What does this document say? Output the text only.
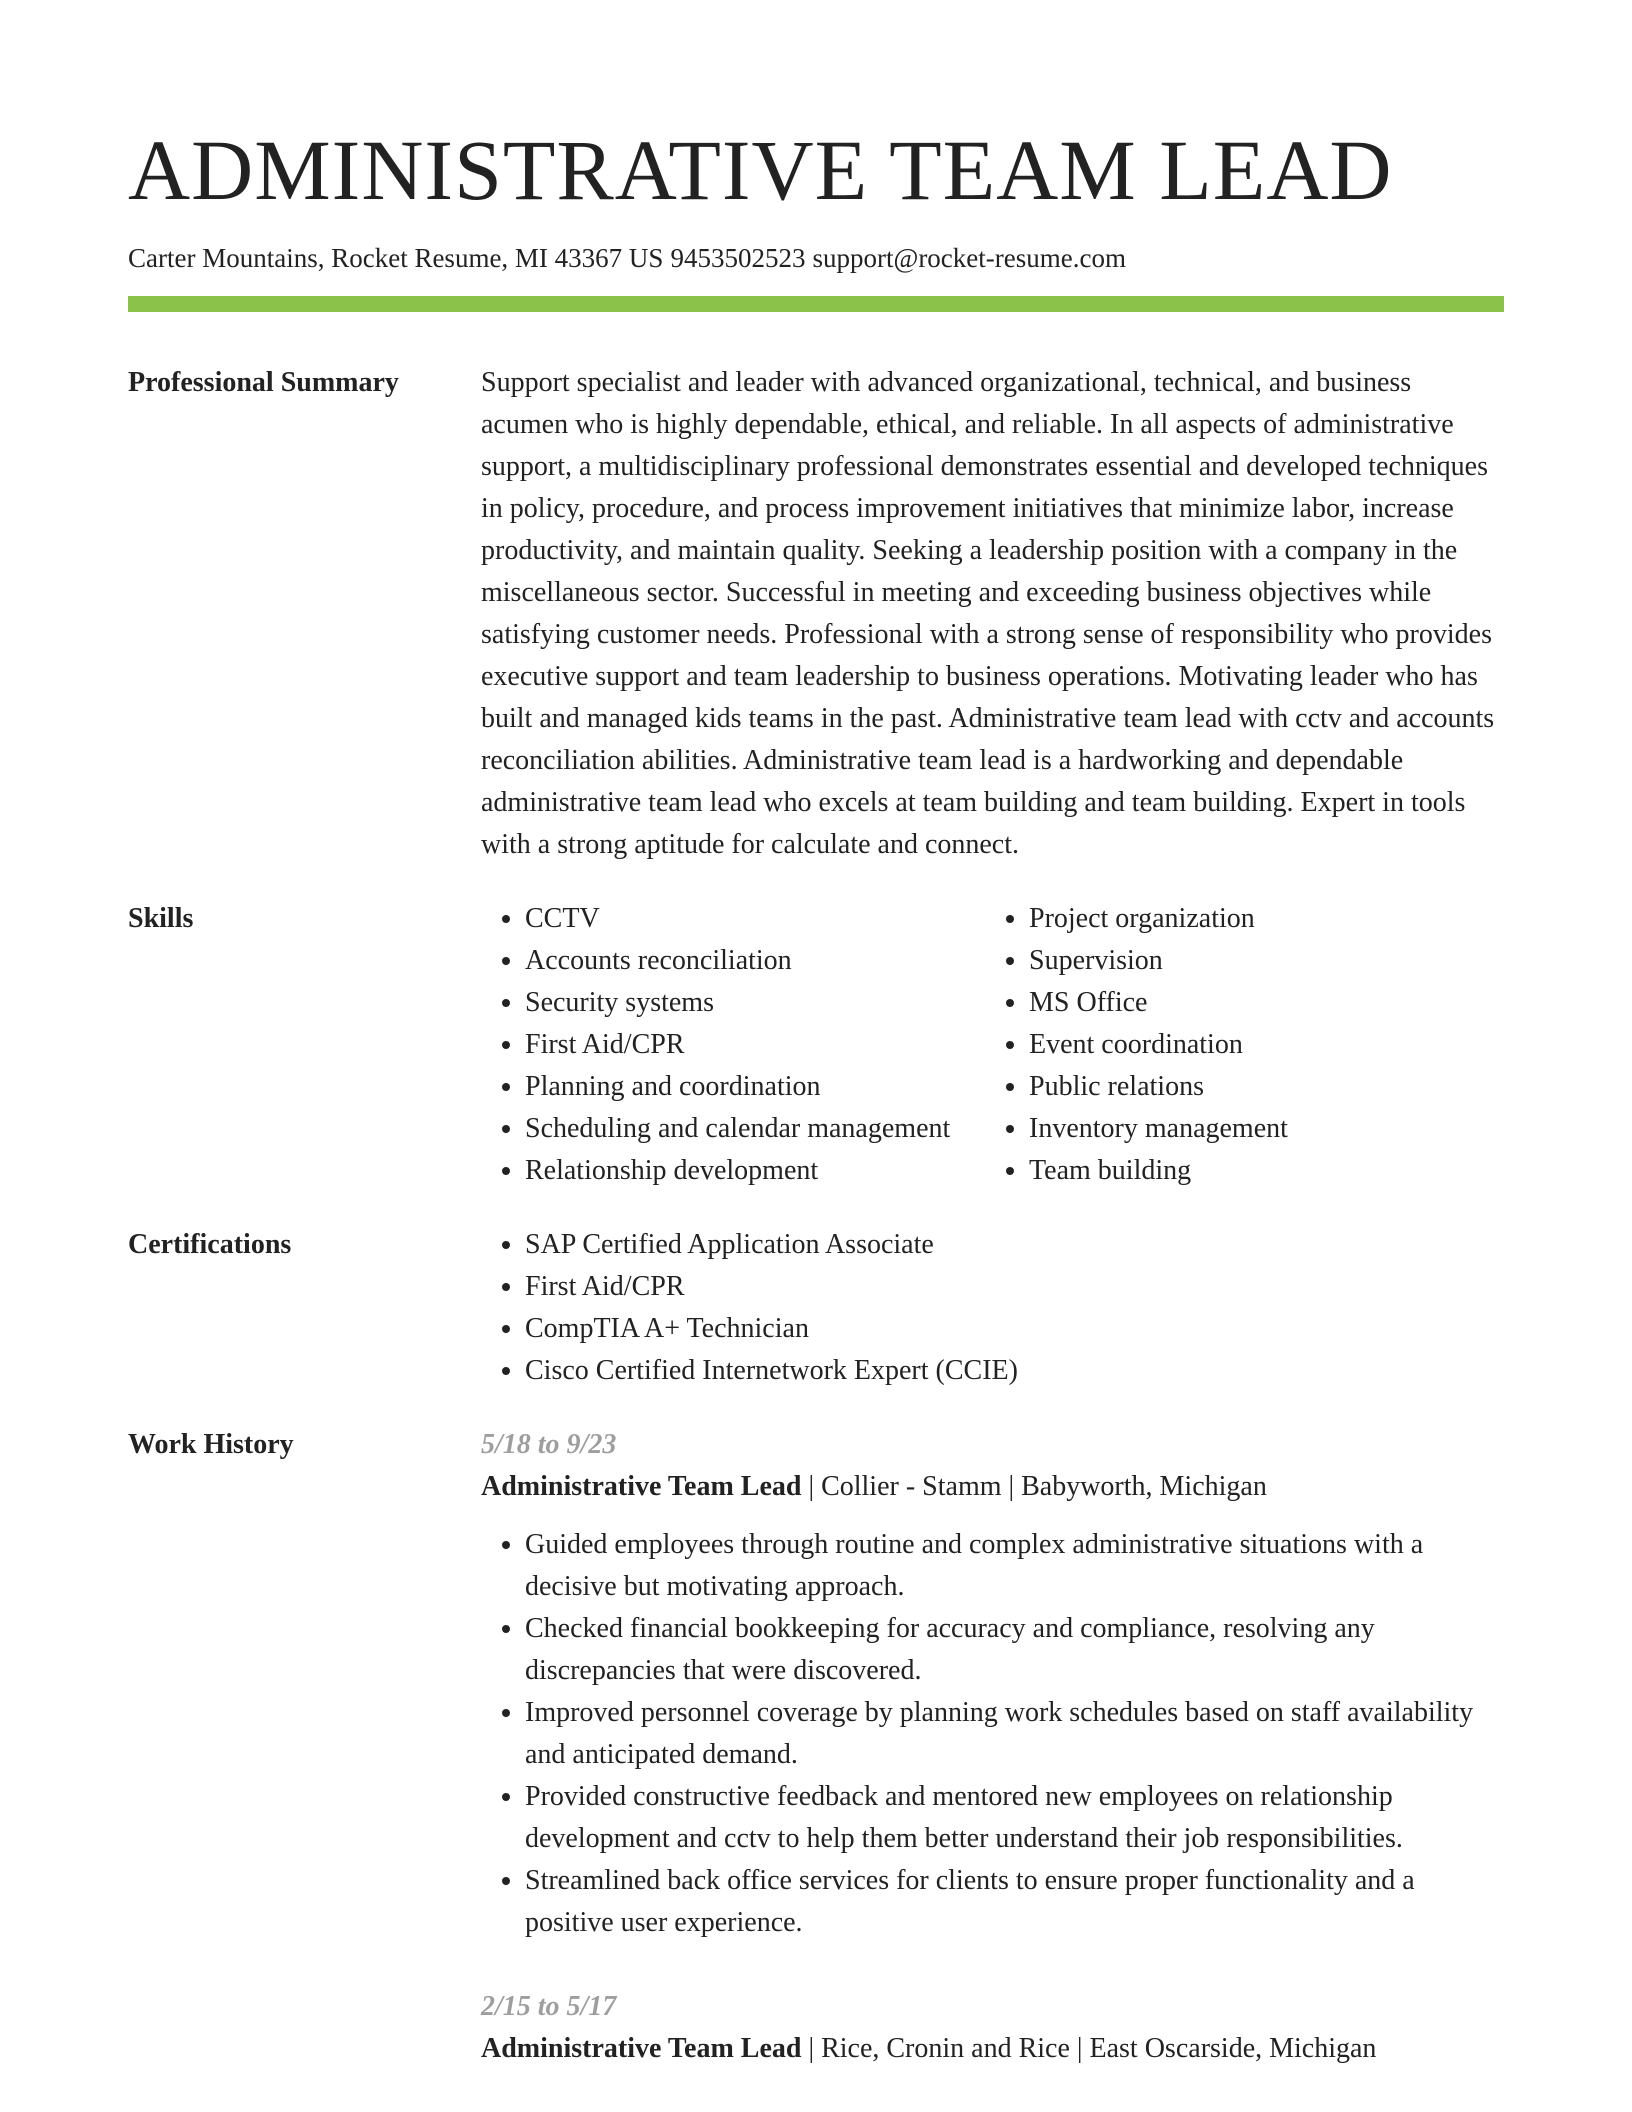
ADMINISTRATIVE TEAM LEAD
Carter Mountains, Rocket Resume, MI 43367 US 9453502523 support@rocket-resume.com
Professional Summary	Support specialist and leader with advanced organizational, technical, and business acumen who is highly dependable, ethical, and reliable. In all aspects of administrative support, a multidisciplinary professional demonstrates essential and developed techniques in policy, procedure, and process improvement initiatives that minimize labor, increase productivity, and maintain quality. Seeking a leadership position with a company in the miscellaneous sector. Successful in meeting and exceeding business objectives while satisfying customer needs. Professional with a strong sense of responsibility who provides executive support and team leadership to business operations. Motivating leader who has built and managed kids teams in the past. Administrative team lead with cctv and accounts reconciliation abilities. Administrative team lead is a hardworking and dependable administrative team lead who excels at team building and team building. Expert in tools with a strong aptitude for calculate and connect.

Skills	• CCTV
• Accounts reconciliation
• Security systems
• First Aid/CPR
• Planning and coordination
• Scheduling and calendar management
• Relationship development
• Project organization
• Supervision
• MS Office
• Event coordination
• Public relations
• Inventory management
• Team building
Certifications	• SAP Certified Application Associate
• First Aid/CPR
• CompTIA A+ Technician
• Cisco Certified Internetwork Expert (CCIE)
Work History	5/18 to 9/23
Administrative Team Lead | Collier - Stamm | Babyworth, Michigan
• Guided employees through routine and complex administrative situations with a decisive but motivating approach.
• Checked financial bookkeeping for accuracy and compliance, resolving any discrepancies that were discovered.
• Improved personnel coverage by planning work schedules based on staff availability and anticipated demand.
• Provided constructive feedback and mentored new employees on relationship development and cctv to help them better understand their job responsibilities.
• Streamlined back office services for clients to ensure proper functionality and a positive user experience.
2/15 to 5/17
Administrative Team Lead | Rice, Cronin and Rice | East Oscarside, Michigan
